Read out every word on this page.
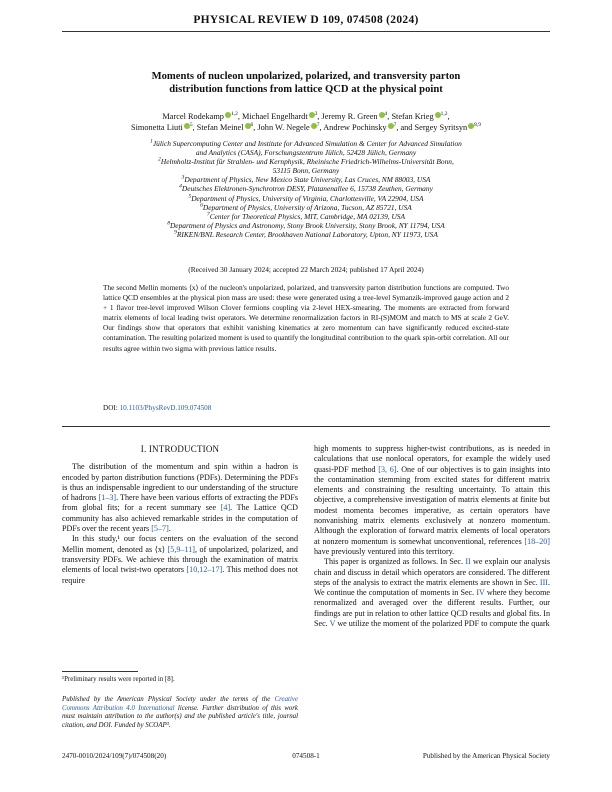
PHYSICAL REVIEW D 109, 074508 (2024)
Moments of nucleon unpolarized, polarized, and transversity parton
distribution functions from lattice QCD at the physical point
Marcel Rodekamp $^{1,2}$, Michael Engelhardt $^3$, Jeremy R. Green $^4$, Stefan Krieg $^{1,2}$,
Simonetta Liuti $^5$, Stefan Meinel $^6$, John W. Negele $^7$, Andrew Pochinsky $^7$, and Sergey Syritsyn $^{8,9}$
$^1$Jülich Supercomputing Center and Institute for Advanced Simulation & Center for Advanced Simulation
and Analytics (CASA), Forschungszentrum Jülich, 52428 Jülich, Germany
$^2$Helmholtz-Institut für Strahlen- und Kernphysik, Rheinische Friedrich-Wilhelms-Universität Bonn,
53115 Bonn, Germany
$^3$Department of Physics, New Mexico State University, Las Cruces, NM 88003, USA
$^4$Deutsches Elektronen-Synchrotron DESY, Platanenallee 6, 15738 Zeuthen, Germany
$^5$Department of Physics, University of Virginia, Charlottesville, VA 22904, USA
$^6$Department of Physics, University of Arizona, Tucson, AZ 85721, USA
$^7$Center for Theoretical Physics, MIT, Cambridge, MA 02139, USA
$^8$Department of Physics and Astronomy, Stony Brook University, Stony Brook, NY 11794, USA
$^9$RIKEN/BNL Research Center, Brookhaven National Laboratory, Upton, NY 11973, USA
(Received 30 January 2024; accepted 22 March 2024; published 17 April 2024)
The second Mellin moments ⟨x⟩ of the nucleon's unpolarized, polarized, and transversity parton distribution functions are computed. Two lattice QCD ensembles at the physical pion mass are used: these were generated using a tree-level Symanzik-improved gauge action and 2 + 1 flavor tree-level improved Wilson Clover fermions coupling via 2-level HEX-smearing. The moments are extracted from forward matrix elements of local leading twist operators. We determine renormalization factors in RI-(S)MOM and match to MS at scale 2 GeV. Our findings show that operators that exhibit vanishing kinematics at zero momentum can have significantly reduced excited-state contamination. The resulting polarized moment is used to quantify the longitudinal contribution to the quark spin-orbit correlation. All our results agree within two sigma with previous lattice results.
DOI: 10.1103/PhysRevD.109.074508
I. INTRODUCTION

The distribution of the momentum and spin within a hadron is encoded by parton distribution functions (PDFs). Determining the PDFs is thus an indispensable ingredient to our understanding of the structure of hadrons [1–3]. There have been various efforts of extracting the PDFs from global fits; for a recent summary see [4]. The Lattice QCD community has also achieved remarkable strides in the computation of PDFs over the recent years [5–7].

In this study,¹ our focus centers on the evaluation of the second Mellin moment, denoted as ⟨x⟩ [5,9–11], of unpolarized, polarized, and transversity PDFs. We achieve this through the examination of matrix elements of local twist-two operators [10,12–17]. This method does not require

high moments to suppress higher-twist contributions, as is needed in calculations that use nonlocal operators, for example the widely used quasi-PDF method [3, 6]. One of our objectives is to gain insights into the contamination stemming from excited states for different matrix elements and constraining the resulting uncertainty. To attain this objective, a comprehensive investigation of matrix elements at finite but modest momenta becomes imperative, as certain operators have nonvanishing matrix elements exclusively at nonzero momentum. Although the exploration of forward matrix elements of local operators at nonzero momentum is somewhat unconventional, references [18–20] have previously ventured into this territory.

This paper is organized as follows. In Sec. II we explain our analysis chain and discuss in detail which operators are considered. The different steps of the analysis to extract the matrix elements are shown in Sec. III. We continue the computation of moments in Sec. IV where they become renormalized and averaged over the different results. Further, our findings are put in relation to other lattice QCD results and global fits. In Sec. V we utilize the moment of the polarized PDF to compute the quark

¹Preliminary results were reported in [8].
Published by the American Physical Society under the terms of the Creative Commons Attribution 4.0 International license. Further distribution of this work must maintain attribution to the author(s) and the published article's title, journal citation, and DOI. Funded by SCOAP³.
2470-0010/2024/109(7)/074508(20)	074508-1	Published by the American Physical Society
